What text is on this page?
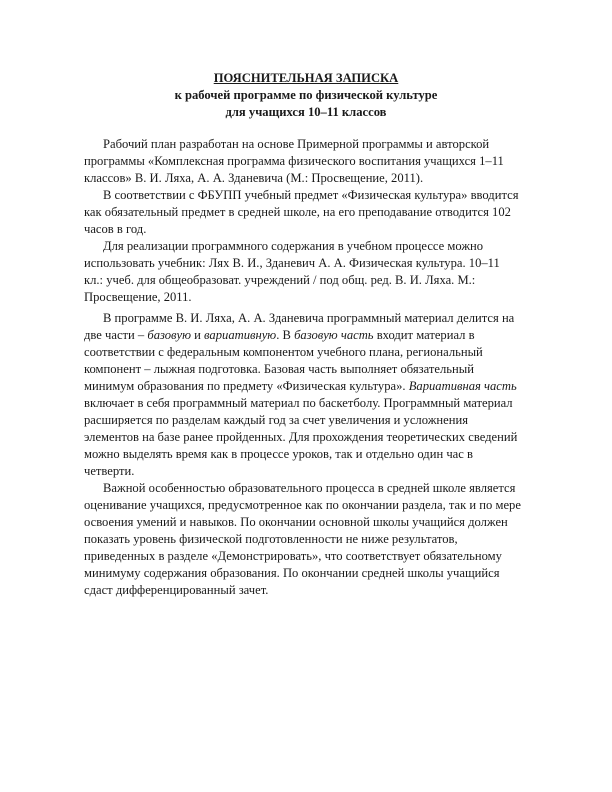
ПОЯСНИТЕЛЬНАЯ ЗАПИСКА
к рабочей программе по физической культуре
для учащихся 10–11 классов

Рабочий план разработан на основе Примерной программы и авторской
программы «Комплексная программа физического воспитания учащихся 1–11
классов» В. И. Ляха, А. А. Зданевича (М.: Просвещение, 2011).

В соответствии с ФБУПП учебный предмет «Физическая культура» вводится
как обязательный предмет в средней школе, на его преподавание отводится 102
часов в год.

Для реализации программного содержания в учебном процессе можно
использовать учебник: Лях В. И., Зданевич А. А. Физическая культура. 10–11
кл.: учеб. для общеобразоват. учреждений / под общ. ред. В. И. Ляха. М.:
Просвещение, 2011.

В программе В. И. Ляха, А. А. Зданевича программный материал делится на
две части – базовую и вариативную. В базовую часть входит материал в
соответствии с федеральным компонентом учебного плана, региональный
компонент – лыжная подготовка. Базовая часть выполняет обязательный
минимум образования по предмету «Физическая культура». Вариативная часть
включает в себя программный материал по баскетболу. Программный материал
расширяется по разделам каждый год за счет увеличения и усложнения
элементов на базе ранее пройденных. Для прохождения теоретических сведений
можно выделять время как в процессе уроков, так и отдельно один час в
четверти.

Важной особенностью образовательного процесса в средней школе является
оценивание учащихся, предусмотренное как по окончании раздела, так и по мере
освоения умений и навыков. По окончании основной школы учащийся должен
показать уровень физической подготовленности не ниже результатов,
приведенных в разделе «Демонстрировать», что соответствует обязательному
минимуму содержания образования. По окончании средней школы учащийся
сдаст дифференцированный зачет.
